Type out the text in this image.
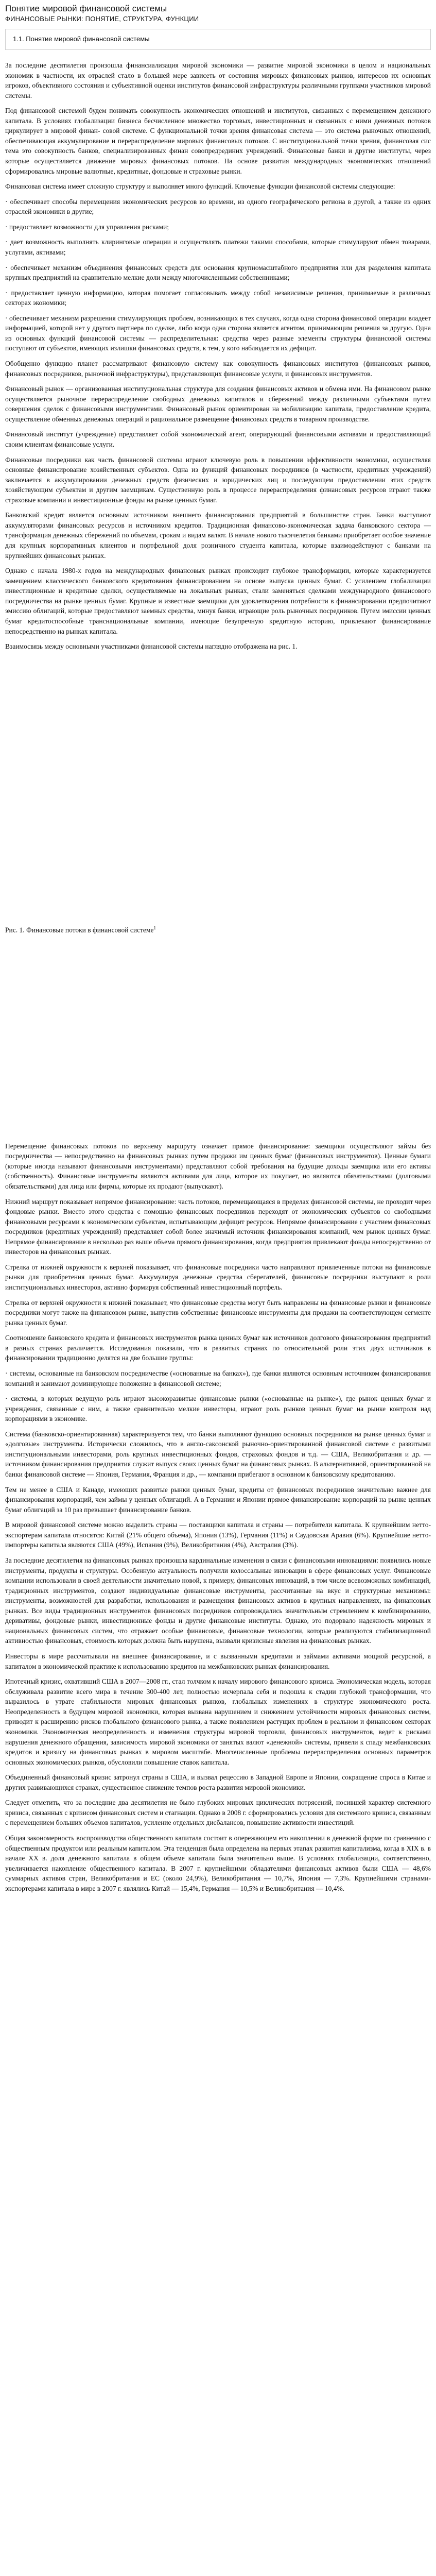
Понятие мировой финансовой системы
ФИНАНСОВЫЕ РЫНКИ: ПОНЯТИЕ, СТРУКТУРА, ФУНКЦИИ
1.1. Понятие мировой финансовой системы

За последние десятилетия произошла финансиализация мировой экономики — развитие мировой экономики в целом и национальных экономик в частности, их отраслей стало в большей мере зависеть от состояния мировых финансовых рынков, интересов их основных игроков, объективного состояния и субъективной оценки институтов финансовой инфраструктуры различными группами участников мировой системы.

Под финансовой системой будем понимать совокупность экономических отношений и институтов, связанных с перемещением денежного капитала. В условиях глобализации бизнеса бесчисленное множество торговых, инвестиционных и связанных с ними денежных потоков циркулирует в мировой финан- совой системе. С функциональной точки зрения финансовая система — это система рыночных отношений, обеспечивающая аккумулирование и перераспределение мировых финансовых потоков. С институциональной точки зрения, финансовая сис тема это совокупность банков, специализированных финан совопредрединих учреждений. Финансовые банки и другие институты, через которые осуществляется движение мировых финансовых потоков. На основе развития международных экономических отношений сформировались мировые валютные, кредитные, фондовые и страховые рынки.

Финансовая система имеет сложную структуру и выполняет много функций. Ключевые функции финансовой системы следующие:

· обеспечивает способы перемещения экономических ресурсов во времени, из одного географического региона в другой, а также из одних отраслей экономики в другие;

· предоставляет возможности для управления рисками;

· дает возможность выполнять клиринговые операции и осуществлять платежи такими способами, которые стимулируют обмен товарами, услугами, активами;

· обеспечивает механизм объединения финансовых средств для основания крупномасштабного предприятия или для разделения капитала крупных предприятий на сравнительно мелкие доли между многочисленными собственниками;

· предоставляет ценную информацию, которая помогает согласовывать между собой независимые решения, принимаемые в различных секторах экономики;

· обеспечивает механизм разрешения стимулирующих проблем, возникающих в тех случаях, когда одна сторона финансовой операции владеет информацией, которой нет у другого партнера по сделке, либо когда одна сторона является агентом, принимающим решения за другую. Одна из основных функций финансовой системы — распределительная: средства через разные элементы структуры финансовой системы поступают от субъектов, имеющих излишки финансовых средств, к тем, у кого наблюдается их дефицит.

Обобщенно функцию планет рассматривают финансовую систему как совокупность финансовых институтов (финансовых рынков, финансовых посредников, рыночной инфраструктуры), представляющих финансовые услуги, и финансовых инструментов.

Финансовый рынок — организованная институциональная структура для создания финансовых активов и обмена ими. На финансовом рынке осуществляется рыночное перераспределение свободных денежных капиталов и сбережений между различными субъектами путем совершения сделок с финансовыми инструментами. Финансовый рынок ориентирован на мобилизацию капитала, предоставление кредита, осуществление обменных денежных операций и рациональное размещение финансовых средств в товарном производстве.

Финансовый институт (учреждение) представляет собой экономический агент, оперирующий финансовыми активами и предоставляющий своим клиентам финансовые услуги.

Финансовые посредники как часть финансовой системы играют ключевую роль в повышении эффективности экономики, осуществляя основные финансирование хозяйственных субъектов. Одна из функций финансовых посредников (в частности, кредитных учреждений) заключается в аккумулировании денежных средств физических и юридических лиц и последующем предоставлении этих средств хозяйствующим субъектам и другим заемщикам. Существенную роль в процессе перераспределения финансовых ресурсов играют также страховые компании и инвестиционные фонды на рынке ценных бумаг.

Банковский кредит является основным источником внешнего финансирования предприятий в большинстве стран. Банки выступают аккумуляторами финансовых ресурсов и источником кредитов. Традиционная финансово-экономическая задача банковского сектора — трансформация денежных сбережений по объемам, срокам и видам валют. В начале нового тысячелетия банками приобретает особое значение для крупных корпоративных клиентов и портфельной доля розничного студента капитала, которые взаимодействуют с банками на крупнейших финансовых рынках.

Однако с начала 1980-х годов на международных финансовых рынках происходит глубокое трансформации, которые характеризуется замещением классического банковского кредитования финансированием на основе выпуска ценных бумаг. С усилением глобализации инвестиционные и кредитные сделки, осуществляемые на локальных рынках, стали заменяться сделками международного финансового посредничества на рынке ценных бумаг. Крупные и известные заемщики для удовлетворения потребности в финансировании предпочитают эмиссию облигаций, которые предоставляют заемных средства, минуя банки, играющие роль рыночных посредников. Путем эмиссии ценных бумаг кредитоспособные транснациональные компании, имеющие безупречную кредитную историю, привлекают финансирование непосредственно на рынках капитала.

Взаимосвязь между основными участниками финансовой системы наглядно отображена на рис. 1.

Рис. 1. Финансовые потоки в финансовой системе$^1$

Перемещение финансовых потоков по верхнему маршруту означает прямое финансирование: заемщики осуществляют займы без посредничества — непосредственно на финансовых рынках путем продажи им ценных бумаг (финансовых инструментов). Ценные бумаги (которые иногда называют финансовыми инструментами) представляют собой требования на будущие доходы заемщика или его активы (собственность). Финансовые инструменты являются активами для лица, которое их покупает, но являются обязательствами (долговыми обязательствами) для лица или фирмы, которые их продают (выпускают).

Нижний маршрут показывает непрямое финансирование: часть потоков, перемещающаяся в пределах финансовой системы, не проходит через фондовые рынки. Вместо этого средства с помощью финансовых посредников переходят от экономических субъектов со свободными финансовыми ресурсами к экономическим субъектам, испытывающим дефицит ресурсов. Непрямое финансирование с участием финансовых посредников (кредитных учреждений) представляет собой более значимый источник финансирования компаний, чем рынок ценных бумаг. Непрямое финансирование в несколько раз выше объема прямого финансирования, когда предприятия привлекают фонды непосредственно от инвесторов на финансовых рынках.

Стрелка от нижней окружности к верхней показывает, что финансовые посредники часто направляют привлеченные потоки на финансовые рынки для приобретения ценных бумаг. Аккумулируя денежные средства сберегателей, финансовые посредники выступают в роли институциональных инвесторов, активно формируя собственный инвестиционный портфель.

Стрелка от верхней окружности к нижней показывает, что финансовые средства могут быть направлены на финансовые рынки и финансовые посредники могут также на финансовом рынке, выпустив собственные финансовые инструменты для продажи на соответствующем сегменте рынка ценных бумаг.

Соотношение банковского кредита и финансовых инструментов рынка ценных бумаг как источников долгового финансирования предприятий в разных странах различается. Исследования показали, что в развитых странах по относительной роли этих двух источников в финансировании традиционно делятся на две большие группы:

· системы, основанные на банковском посредничестве («основанные на банках»), где банки являются основным источником финансирования компаний и занимают доминирующее положение в финансовой системе;

· системы, в которых ведущую роль играют высокоразвитые финансовые рынки («основанные на рынке»), где рынок ценных бумаг и учреждения, связанные с ним, а также сравнительно мелкие инвесторы, играют роль рынков ценных бумаг на рынке контроля над корпорациями в экономике.

Система (банковско-ориентированная) характеризуется тем, что банки выполняют функцию основных посредников на рынке ценных бумаг и «долговые» инструменты. Исторически сложилось, что в англо-саксонской рыночно-ориентированной финансовой системе с развитыми институциональными инвесторами, роль крупных инвестиционных фондов, страховых фондов и т.д. — США, Великобритания и др. — источником финансирования предприятия служит выпуск своих ценных бумаг на финансовых рынках. В альтернативной, ориентированной на банки финансовой системе — Япония, Германия, Франция и др., — компании прибегают в основном к банковскому кредитованию.

Тем не менее в США и Канаде, имеющих развитые рынки ценных бумаг, кредиты от финансовых посредников значительно важнее для финансирования корпораций, чем займы у ценных облигаций. А в Германии и Японии прямое финансирование корпораций на рынке ценных бумаг облигаций за 10 раз превышает финансирование банков.

В мировой финансовой системе можно выделить страны — поставщики капитала и страны — потребители капитала. К крупнейшим нетто-экспортерам капитала относятся: Китай (21% общего объема), Япония (13%), Германия (11%) и Саудовская Аравия (6%). Крупнейшие нетто-импортеры капитала являются США (49%), Испания (9%), Великобритания (4%), Австралия (3%).

За последние десятилетия на финансовых рынках произошла кардинальные изменения в связи с финансовыми инновациями: появились новые инструменты, продукты и структуры. Особенную актуальность получили колоссальные инновации в сфере финансовых услуг. Финансовые компании использовали в своей деятельности значительно новой, к примеру, финансовых инноваций, в том числе всевозможных комбинаций, традиционных инструментов, создают индивидуальные финансовые инструменты, рассчитанные на вкус и структурные механизмы: инструменты, возможностей для разработки, использования и размещения финансовых активов в крупных направлениях, на финансовых рынках. Все виды традиционных инструментов финансовых посредников сопровождались значительным стремлением к комбинированию, деривативы, фондовые рынки, инвестиционные фонды и другие финансовые институты. Однако, это подорвало надежность мировых и национальных финансовых систем, что отражает особые финансовые, финансовые технологии, которые реализуются стабилизационной активностью финансовых, стоимость которых должна быть нарушена, вызвали кризисные явления на финансовых рынках.

Инвесторы в мире рассчитывали на внешнее финансирование, и с вызванными кредитами и займами активами мощной ресурсной, а капиталом в экономической практике к использованию кредитов на межбанковских рынках финансирования.

Ипотечный кризис, охвативший США в 2007—2008 гг., стал толчком к началу мирового финансового кризиса. Экономическая модель, которая обслуживала развитие всего мира в течение 300-400 лет, полностью исчерпала себя и подошла к стадии глубокой трансформации, что выразилось в утрате стабильности мировых финансовых рынков, глобальных изменениях в структуре экономического роста. Неопределенность в будущем мировой экономики, которая вызвана нарушением и снижением устойчивости мировых финансовых систем, приводит к расширению рисков глобального финансового рынка, а также появлением растущих проблем в реальном и финансовом секторах экономики. Экономическая неопределенность и изменения структуры мировой торговли, финансовых инструментов, ведет к рисками нарушения денежного обращения, зависимость мировой экономики от занятых валют «денежной» системы, привели к спаду межбанковских кредитов и кризису на финансовых рынках в мировом масштабе. Многочисленные проблемы перераспределения основных параметров основных экономических рынков, обусловили повышение ставок капитала.

Объединенный финансовый кризис затронул страны в США, и вызвал рецессию в Западной Европе и Японии, сокращение спроса в Китае и других развивающихся странах, существенное снижение темпов роста развития мировой экономики.

Следует отметить, что за последние два десятилетия не было глубоких мировых циклических потрясений, носившей характер системного кризиса, связанных с кризисом финансовых систем и стагнации. Однако в 2008 г. сформировались условия для системного кризиса, связанным с перемещением больших объемов капиталов, усиление отдельных дисбалансов, повышение активности инвестиций.

Общая закономерность воспроизводства общественного капитала состоит в опережающем его накоплении в денежной форме по сравнению с общественным продуктом или реальным капиталом. Эта тенденция была определена на первых этапах развития капитализма, когда в XIX в. в начале XX в. доля денежного капитала в общем объеме капитала была значительно выше. В условиях глобализации, соответственно, увеличивается накопление общественного капитала. В 2007 г. крупнейшими обладателями финансовых активов были США — 48,6% суммарных активов стран, Великобритания и ЕС (около 24,9%), Великобритания — 10,7%, Япония — 7,3%. Крупнейшими странами-экспортерами капитала в мире в 2007 г. являлись Китай — 15,4%, Германия — 10,5% и Великобритания — 10,4%.
